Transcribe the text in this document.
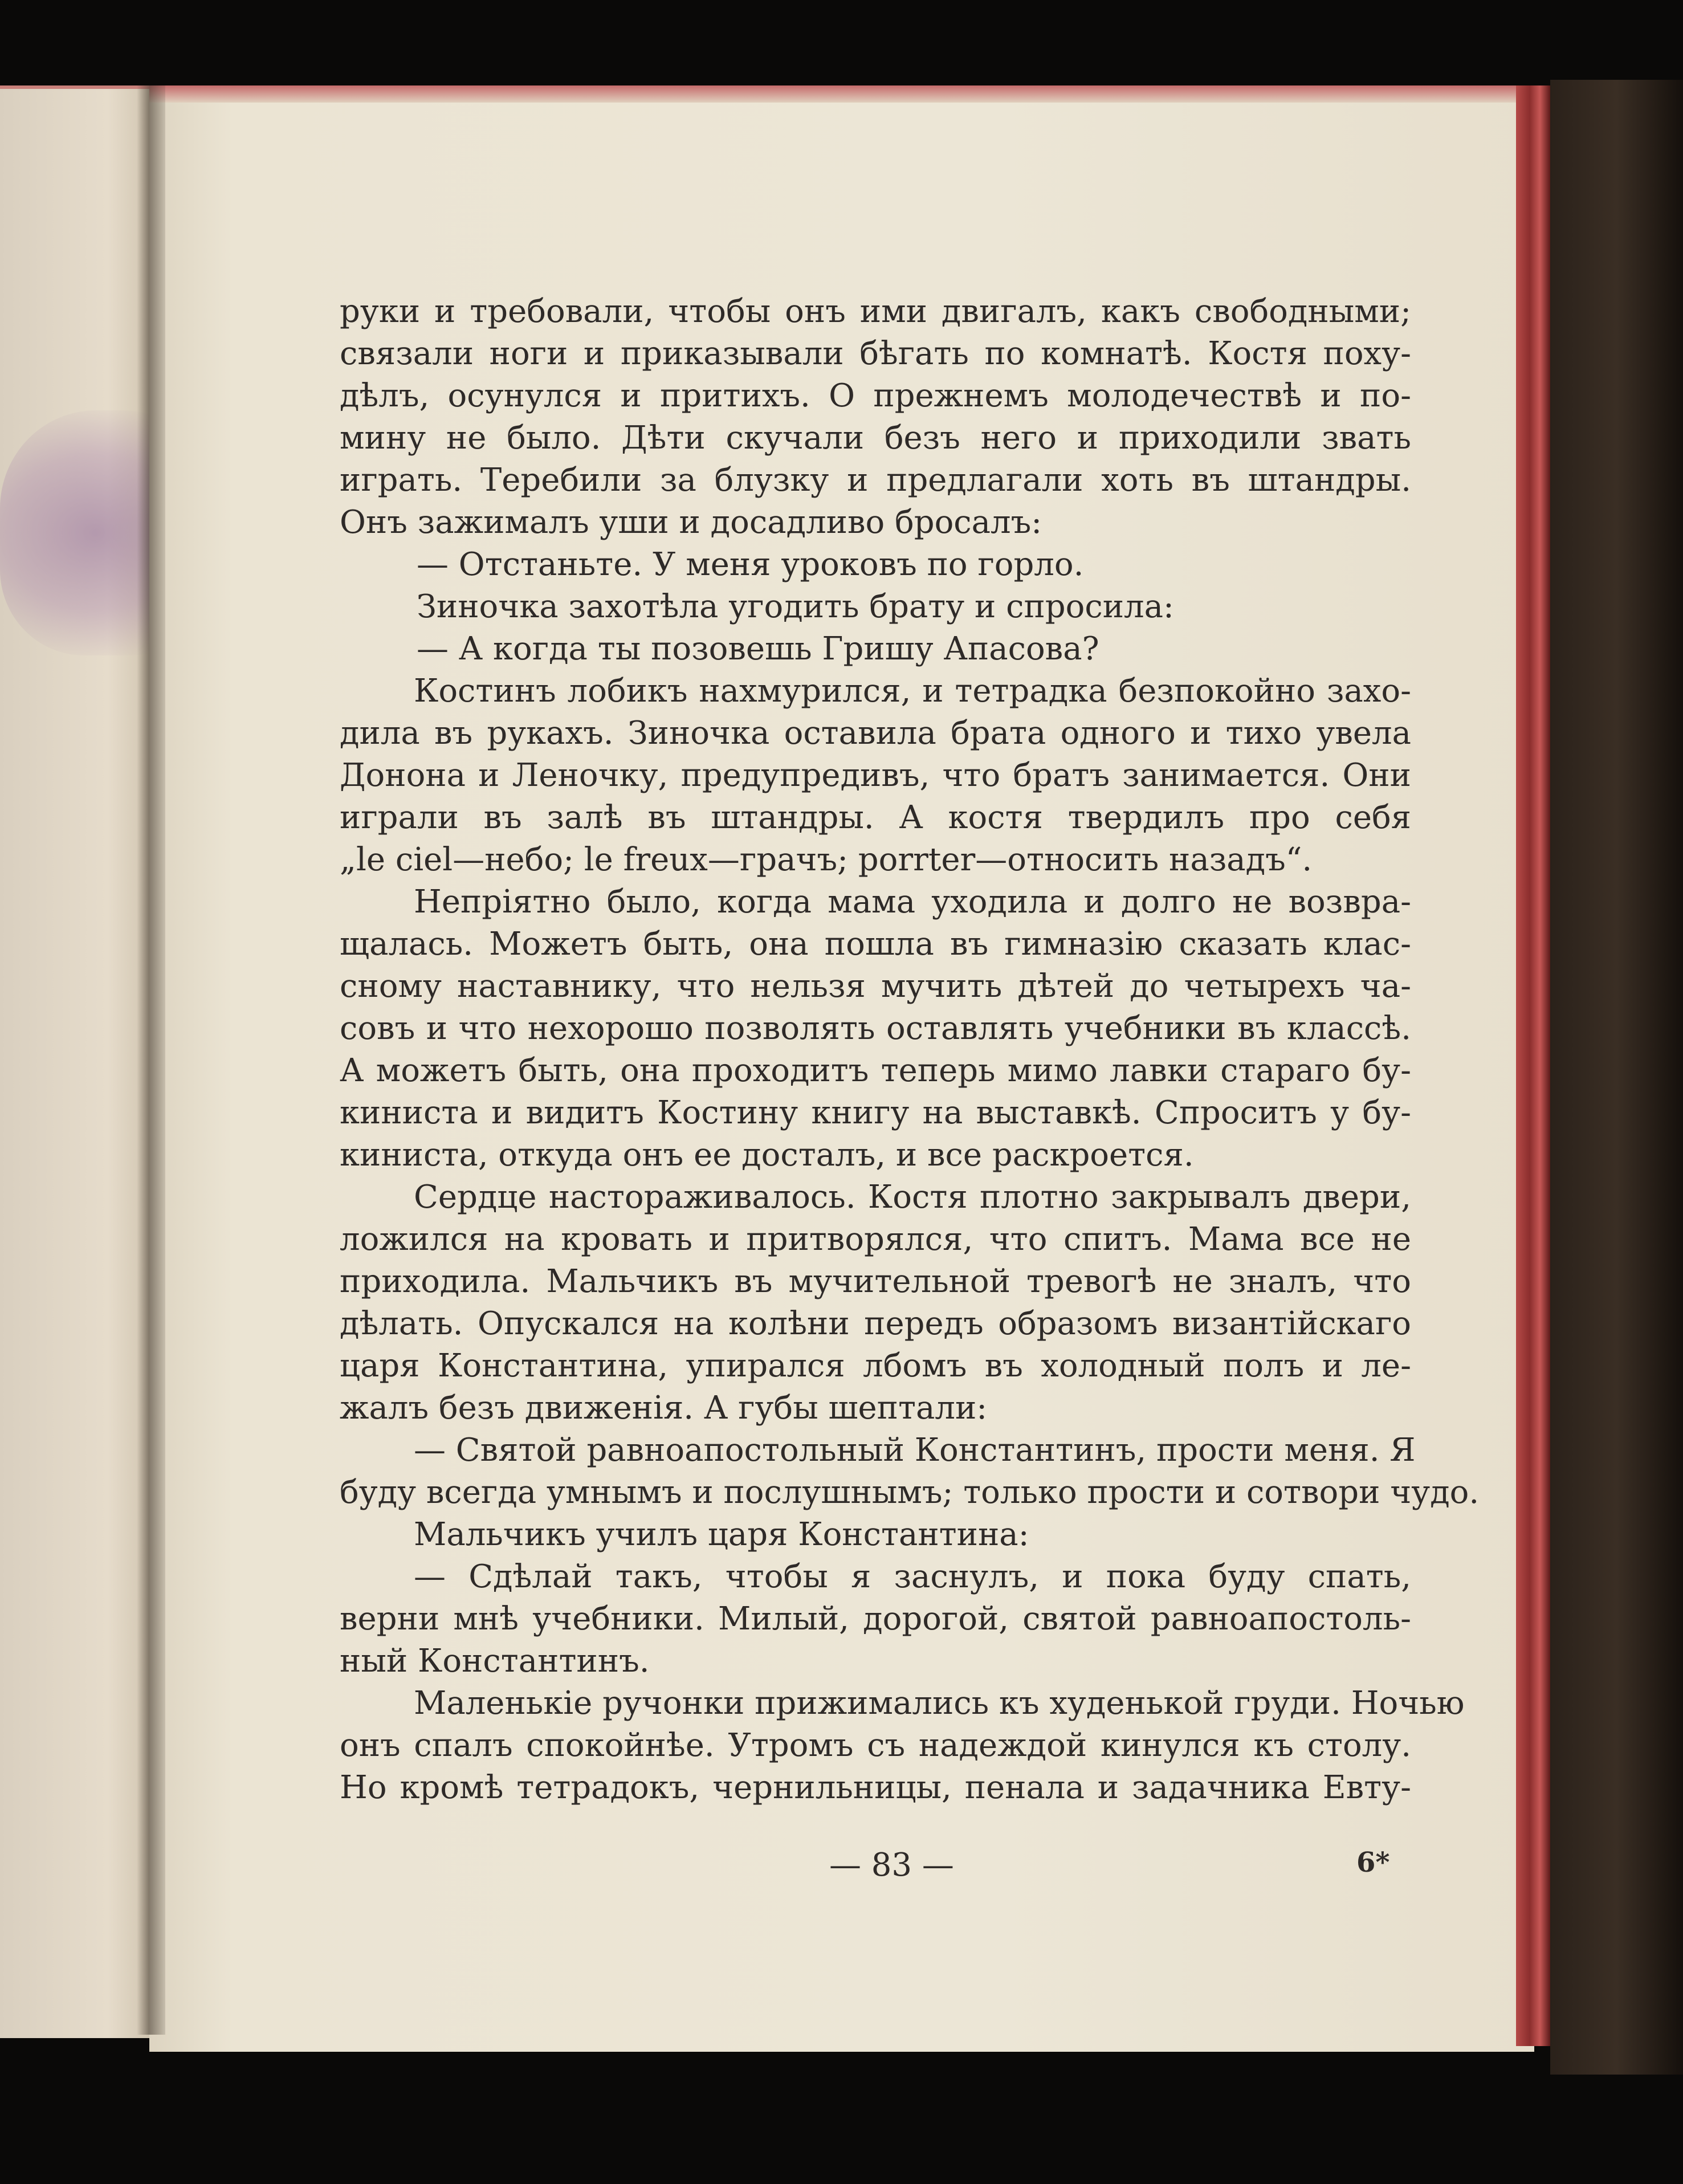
руки и требовали, чтобы онъ ими двигалъ, какъ свободными;
связали ноги и приказывали бѣгать по комнатѣ. Костя поху-
дѣлъ, осунулся и притихъ. О прежнемъ молодечествѣ и по-
мину не было. Дѣти скучали безъ него и приходили звать
играть. Теребили за блузку и предлагали хоть въ штандры.
Онъ зажималъ уши и досадливо бросалъ:
— Отстаньте. У меня уроковъ по горло.
Зиночка захотѣла угодить брату и спросила:
— А когда ты позовешь Гришу Апасова?
Костинъ лобикъ нахмурился, и тетрадка безпокойно захо-
дила въ рукахъ. Зиночка оставила брата одного и тихо увела
Донона и Леночку, предупредивъ, что братъ занимается. Они
играли въ залѣ въ штандры. А костя твердилъ про себя
„le ciel—небо; le freux—грачъ; porrter—относить назадъ“.
Непріятно было, когда мама уходила и долго не возвра-
щалась. Можетъ быть, она пошла въ гимназію сказать клас-
сному наставнику, что нельзя мучить дѣтей до четырехъ ча-
совъ и что нехорошо позволять оставлять учебники въ классѣ.
А можетъ быть, она проходитъ теперь мимо лавки стараго бу-
киниста и видитъ Костину книгу на выставкѣ. Спроситъ у бу-
киниста, откуда онъ ее досталъ, и все раскроется.
Сердце настораживалось. Костя плотно закрывалъ двери,
ложился на кровать и притворялся, что спитъ. Мама все не
приходила. Мальчикъ въ мучительной тревогѣ не зналъ, что
дѣлать. Опускался на колѣни передъ образомъ византійскаго
царя Константина, упирался лбомъ въ холодный полъ и ле-
жалъ безъ движенія. А губы шептали:
— Святой равноапостольный Константинъ, прости меня. Я
буду всегда умнымъ и послушнымъ; только прости и сотвори чудо.
Мальчикъ училъ царя Константина:
— Сдѣлай такъ, чтобы я заснулъ, и пока буду спать,
верни мнѣ учебники. Милый, дорогой, святой равноапостоль-
ный Константинъ.
Маленькіе ручонки прижимались къ худенькой груди. Ночью
онъ спалъ спокойнѣе. Утромъ съ надеждой кинулся къ столу.
Но кромѣ тетрадокъ, чернильницы, пенала и задачника Евту-
— 83 —	6*
